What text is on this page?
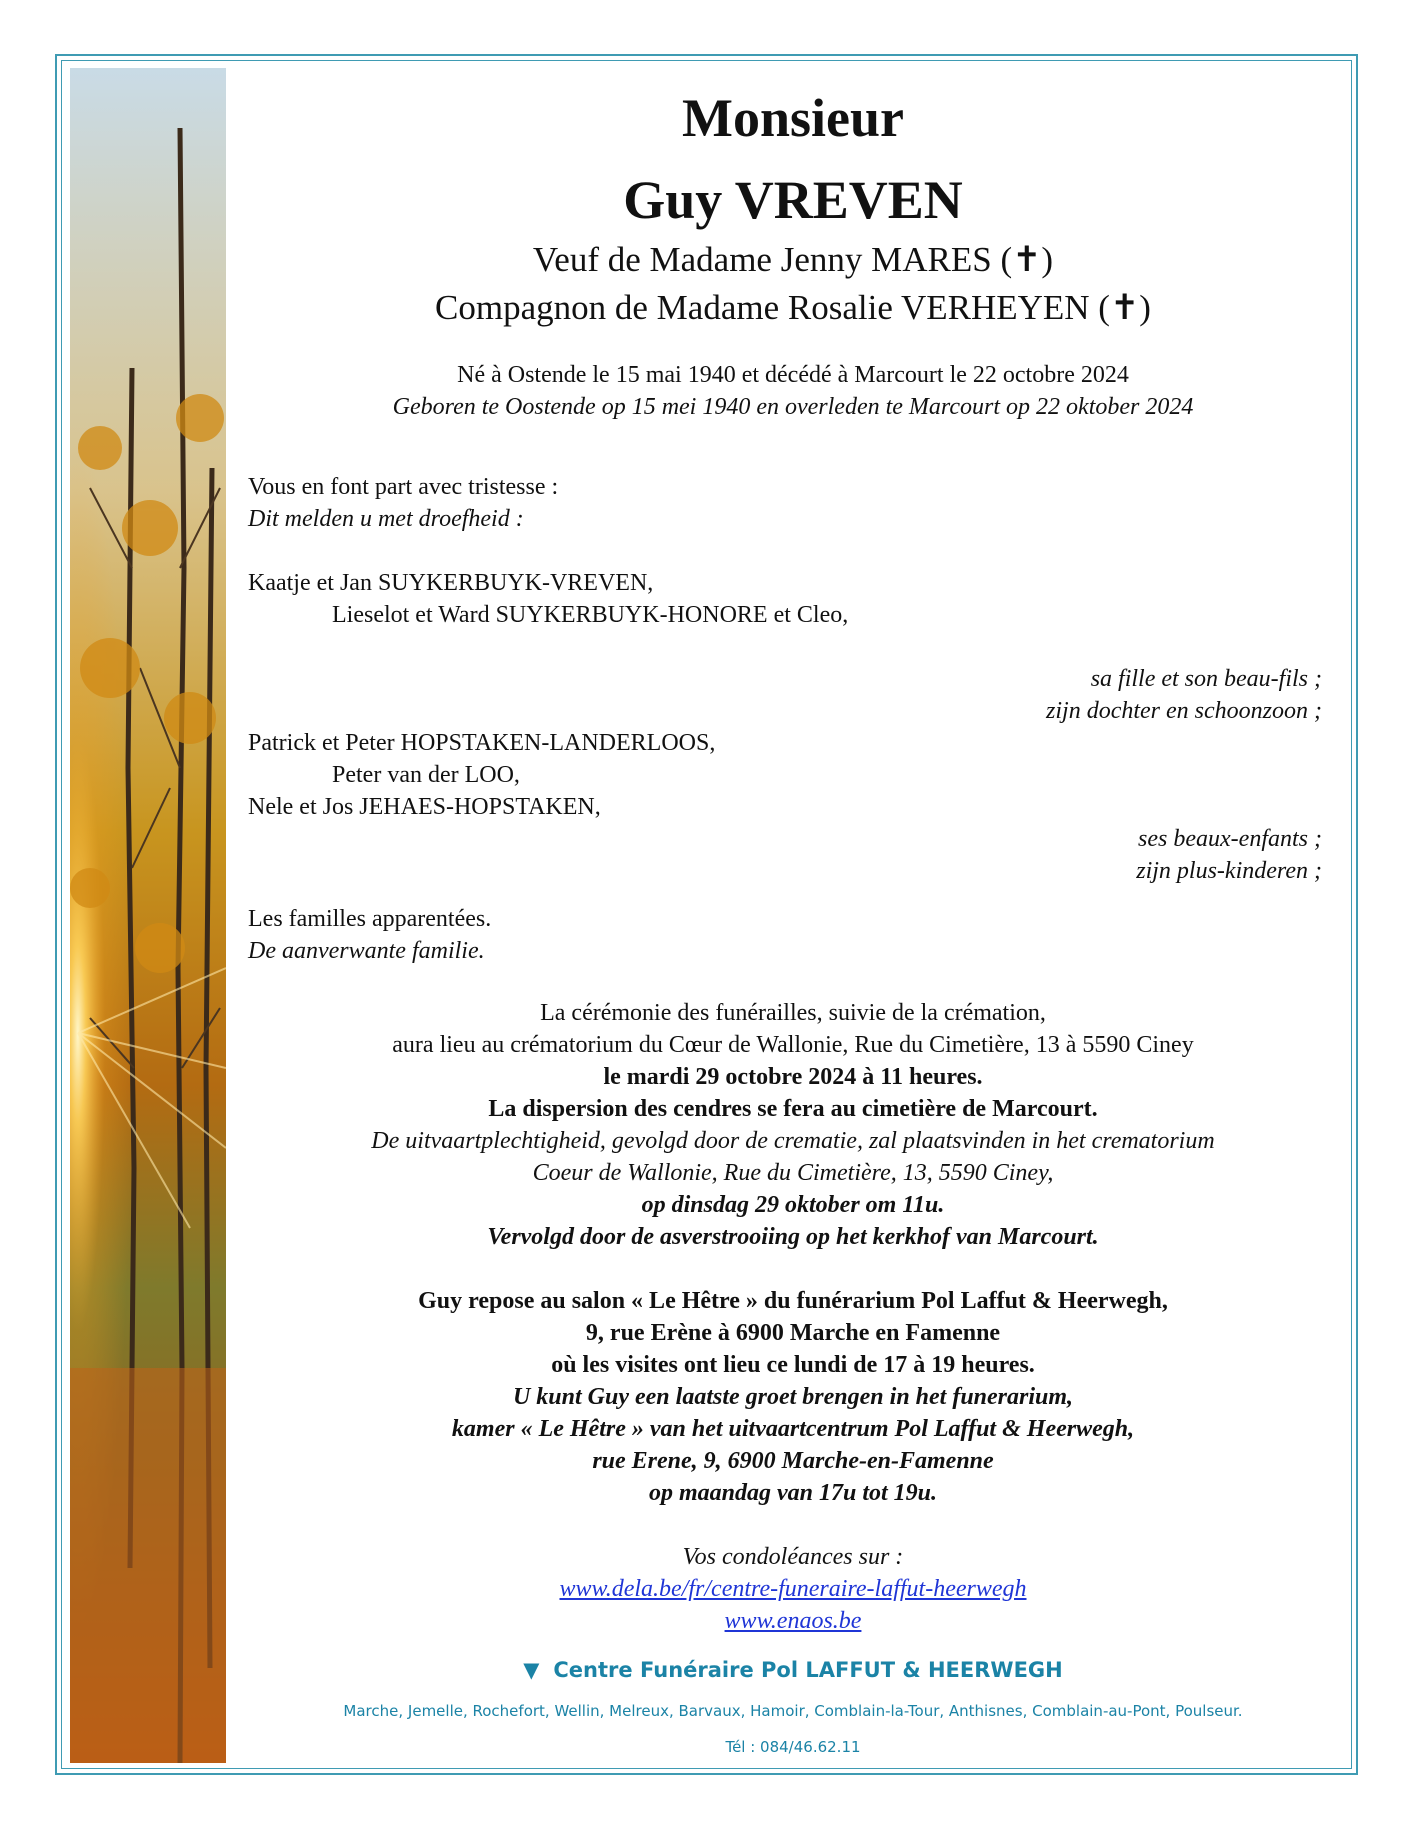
Monsieur
Guy VREVEN
Veuf de Madame Jenny MARES (✝)
Compagnon de Madame Rosalie VERHEYEN (✝)
Né à Ostende le 15 mai 1940 et décédé à Marcourt le 22 octobre 2024
Geboren te Oostende op 15 mei 1940 en overleden te Marcourt op 22 oktober 2024
Vous en font part avec tristesse :
Dit melden u met droefheid :
Kaatje et Jan SUYKERBUYK-VREVEN,
Lieselot et Ward SUYKERBUYK-HONORE et Cleo,
sa fille et son beau-fils ;
zijn dochter en schoonzoon ;
Patrick et Peter HOPSTAKEN-LANDERLOOS,
Peter van der LOO,
Nele et Jos JEHAES-HOPSTAKEN,
ses beaux-enfants ;
zijn plus-kinderen ;
Les familles apparentées.
De aanverwante familie.
La cérémonie des funérailles, suivie de la crémation,
aura lieu au crématorium du Cœur de Wallonie, Rue du Cimetière, 13 à 5590 Ciney
le mardi 29 octobre 2024 à 11 heures.
La dispersion des cendres se fera au cimetière de Marcourt.
De uitvaartplechtigheid, gevolgd door de crematie, zal plaatsvinden in het crematorium
Coeur de Wallonie, Rue du Cimetière, 13, 5590 Ciney,
op dinsdag 29 oktober om 11u.
Vervolgd door de asverstrooiing op het kerkhof van Marcourt.
Guy repose au salon « Le Hêtre » du funérarium Pol Laffut & Heerwegh,
9, rue Erène à 6900 Marche en Famenne
où les visites ont lieu ce lundi de 17 à 19 heures.
U kunt Guy een laatste groet brengen in het funerarium,
kamer « Le Hêtre » van het uitvaartcentrum Pol Laffut & Heerwegh,
rue Erene, 9, 6900 Marche-en-Famenne
op maandag van 17u tot 19u.
Vos condoléances sur :
www.dela.be/fr/centre-funeraire-laffut-heerwegh
www.enaos.be
▼ Centre Funéraire Pol LAFFUT & HEERWEGH
Marche, Jemelle, Rochefort, Wellin, Melreux, Barvaux, Hamoir, Comblain-la-Tour, Anthisnes, Comblain-au-Pont, Poulseur.
Tél : 084/46.62.11
